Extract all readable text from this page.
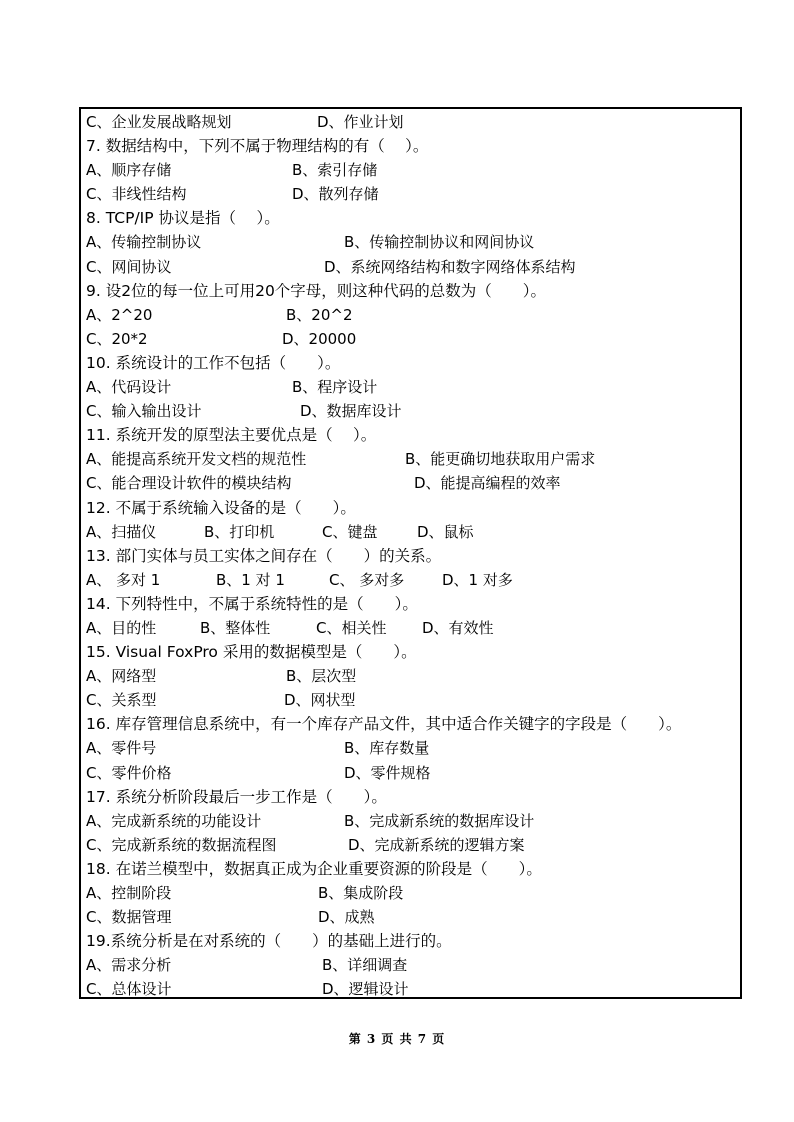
C、企业发展战略规划	D、作业计划
7. 数据结构中，下列不属于物理结构的有（　 ）。
A、顺序存储	B、索引存储
C、非线性结构	D、散列存储
8. TCP/IP 协议是指（　 ）。
A、传输控制协议	B、传输控制协议和网间协议
C、网间协议	D、系统网络结构和数字网络体系结构
9. 设2位的每一位上可用20个字母，则这种代码的总数为（　　）。
A、2^20	B、20^2
C、20*2	D、20000
10. 系统设计的工作不包括（　　）。
A、代码设计	B、程序设计
C、输入输出设计	D、数据库设计
11. 系统开发的原型法主要优点是（　 ）。
A、能提高系统开发文档的规范性	B、能更确切地获取用户需求
C、能合理设计软件的模块结构	D、能提高编程的效率
12. 不属于系统输入设备的是（　　）。
A、扫描仪	B、打印机	C、键盘	D、鼠标
13. 部门实体与员工实体之间存在（　　）的关系。
A、 多对 1	B、1 对 1	C、 多对多	D、1 对多
14. 下列特性中，不属于系统特性的是（　　）。
A、目的性	B、整体性	C、相关性 D、有效性
15. Visual FoxPro 采用的数据模型是（　　）。
A、网络型	B、层次型
C、关系型	D、网状型
16. 库存管理信息系统中，有一个库存产品文件，其中适合作关键字的字段是（　　）。
A、零件号	B、库存数量
C、零件价格	D、零件规格
17. 系统分析阶段最后一步工作是（　　）。
A、完成新系统的功能设计	B、完成新系统的数据库设计
C、完成新系统的数据流程图	D、完成新系统的逻辑方案
18. 在诺兰模型中，数据真正成为企业重要资源的阶段是（　　）。
A、控制阶段	B、集成阶段
C、数据管理	D、成熟
19.系统分析是在对系统的（　　）的基础上进行的。
A、需求分析	B、详细调查
C、总体设计	D、逻辑设计
第 3 页 共 7 页
